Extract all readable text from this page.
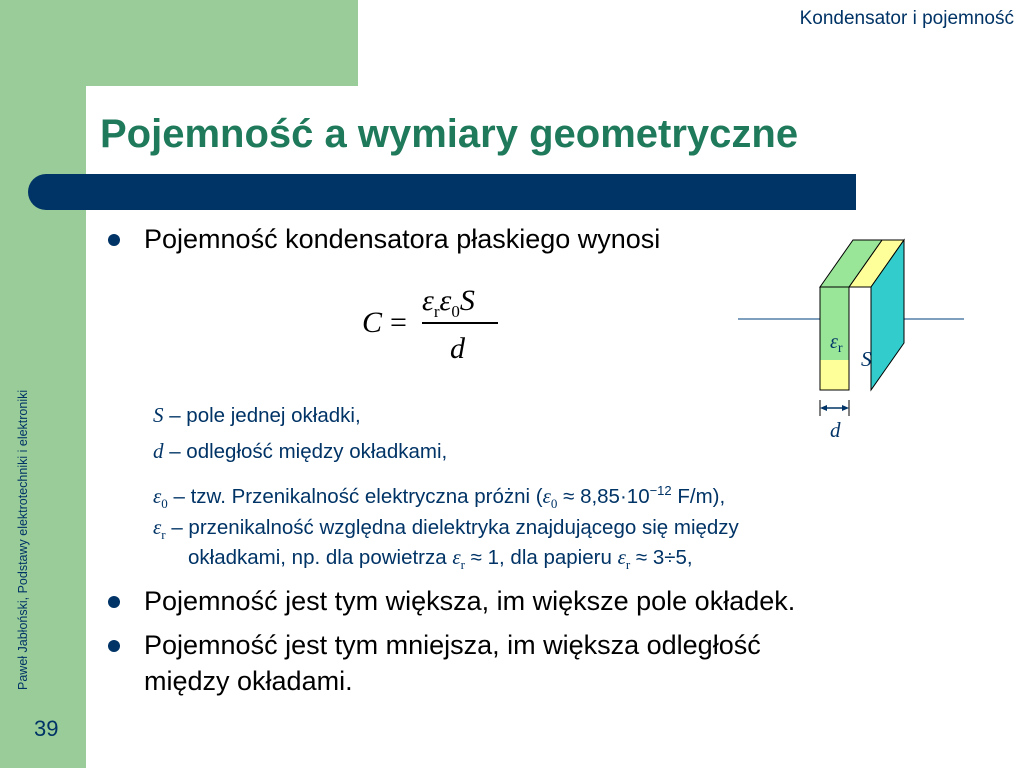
Kondensator i pojemność
Pojemność a wymiary geometryczne
Paweł Jabłoński, Podstawy elektrotechniki i elektroniki
39
Pojemność kondensatora płaskiego wynosi
C =
$\varepsilon_r\varepsilon_0S$
d	$\varepsilon_r$ S
d
S – pole jednej okładki,
d – odległość między okładkami,
$\varepsilon_0$ – tzw. Przenikalność elektryczna próżni ($\varepsilon_0 \approx 8,85\cdot 10^{-12}$ F/m),
$\varepsilon_r$ – przenikalność względna dielektryka znajdującego się między
okładkami, np. dla powietrza $\varepsilon_r \approx 1$, dla papieru $\varepsilon_r \approx 3\div 5$,
Pojemność jest tym większa, im większe pole okładek.
Pojemność jest tym mniejsza, im większa odległość
między okładami.
